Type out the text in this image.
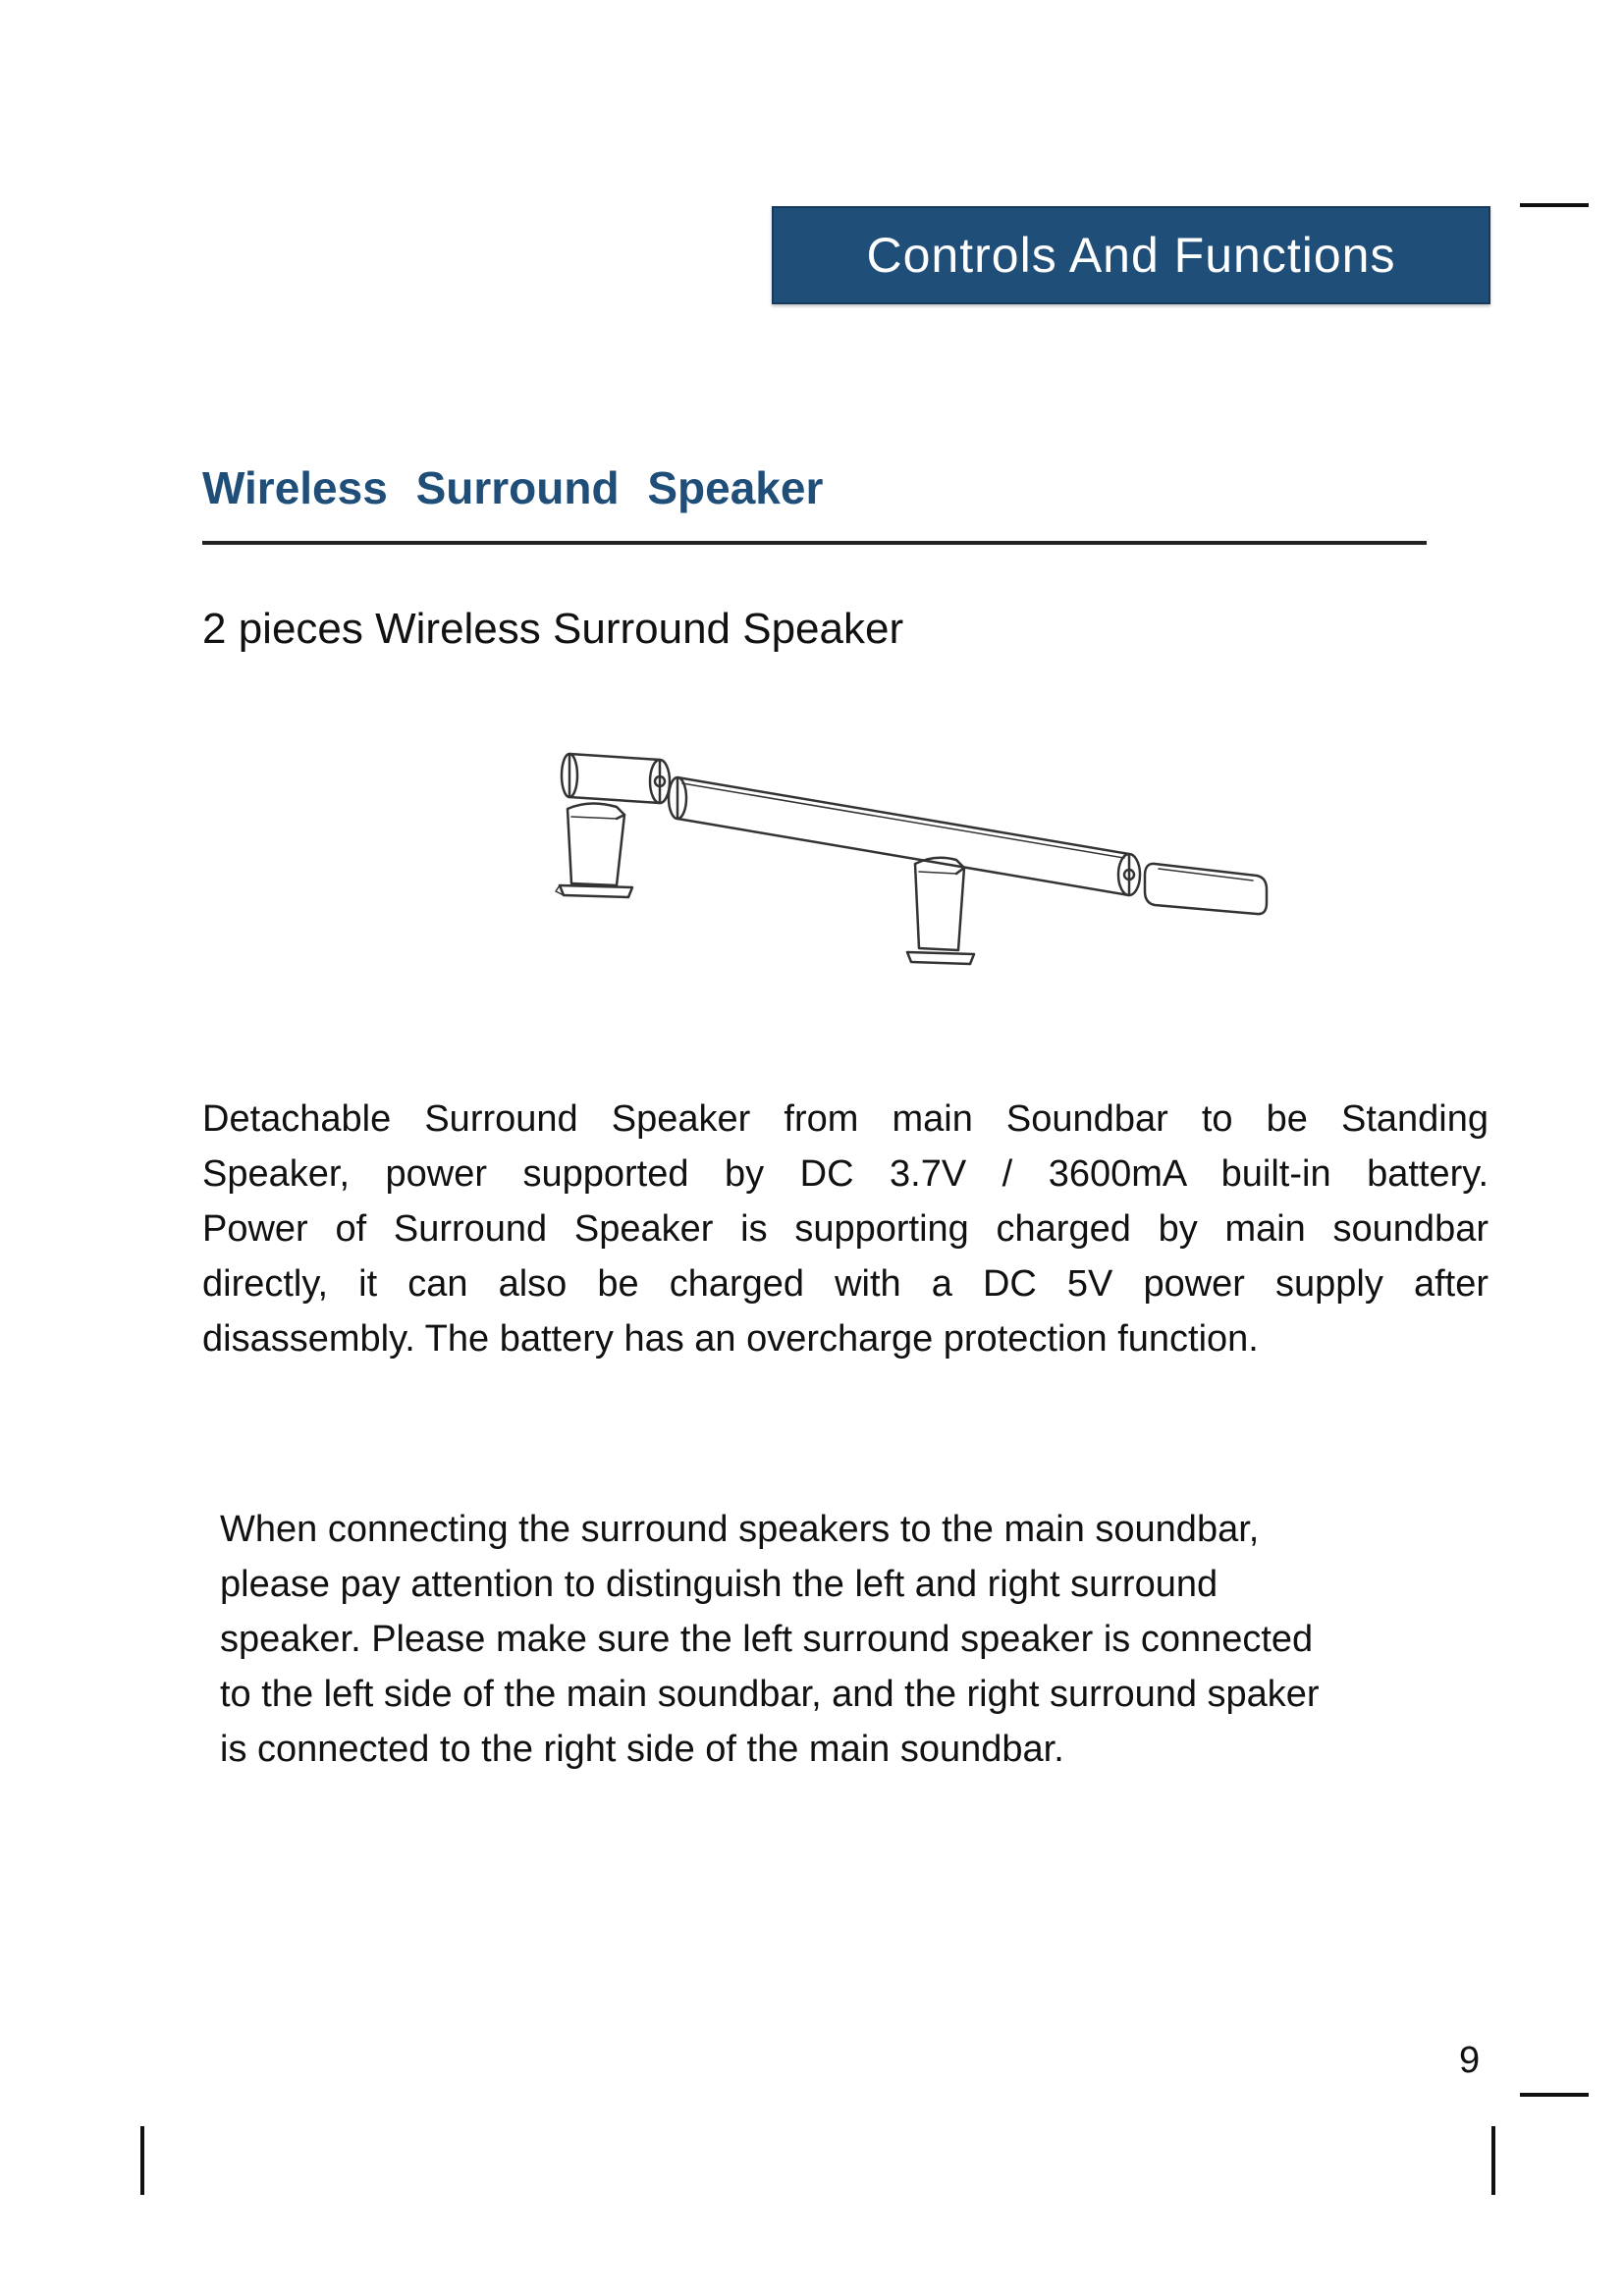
Controls And Functions
Wireless Surround Speaker
2 pieces Wireless Surround Speaker

Detachable Surround Speaker from main Soundbar to be Standing
Speaker, power supported by DC 3.7V / 3600mA built-in battery.
Power of Surround Speaker is supporting charged by main soundbar
directly, it can also be charged with a DC 5V power supply after
disassembly. The battery has an overcharge protection function.

When connecting the surround speakers to the main soundbar,
please pay attention to distinguish the left and right surround
speaker. Please make sure the left surround speaker is connected
to the left side of the main soundbar, and the right surround spaker
is connected to the right side of the main soundbar.

9
